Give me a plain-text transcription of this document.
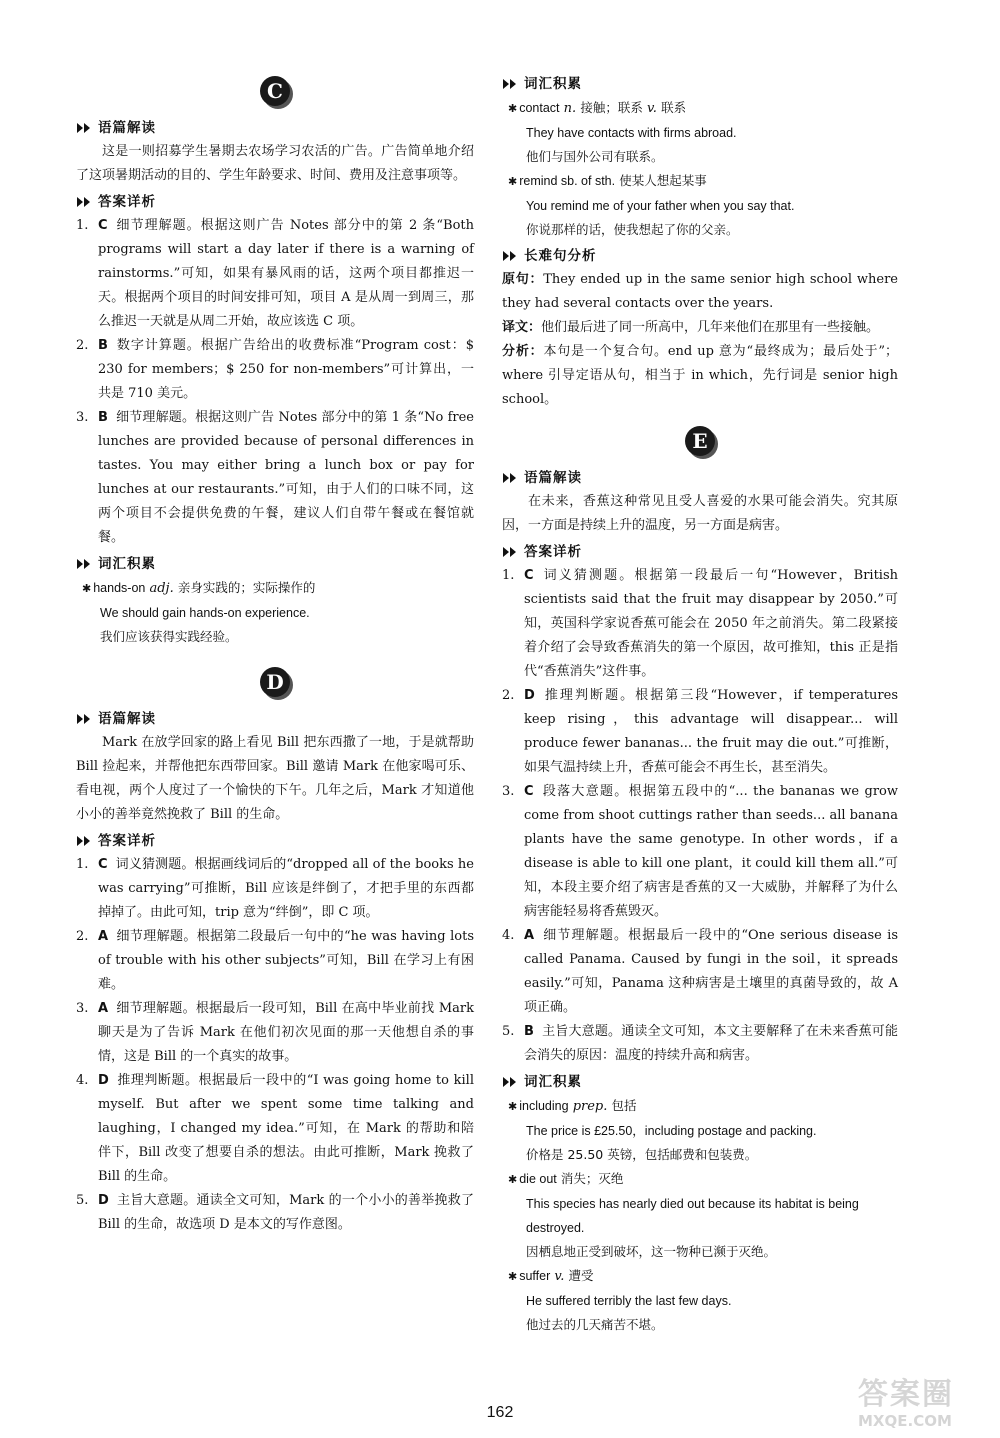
C
语篇解读
这是一则招募学生暑期去农场学习农活的广告。广告简单地介绍了这项暑期活动的目的、学生年龄要求、时间、费用及注意事项等。
答案详析
1. C 细节理解题。根据这则广告 Notes 部分中的第 2 条“Both programs will start a day later if there is a warning of rainstorms.”可知，如果有暴风雨的话，这两个项目都推迟一天。根据两个项目的时间安排可知，项目 A 是从周一到周三，那么推迟一天就是从周二开始，故应该选 C 项。
2. B 数字计算题。根据广告给出的收费标准“Program cost：$ 230 for members；$ 250 for non-members”可计算出，一共是 710 美元。
3. B 细节理解题。根据这则广告 Notes 部分中的第 1 条“No free lunches are provided because of personal differences in tastes. You may either bring a lunch box or pay for lunches at our restaurants.”可知，由于人们的口味不同，这两个项目不会提供免费的午餐，建议人们自带午餐或在餐馆就餐。
词汇积累
✱ hands-on adj. 亲身实践的；实际操作的
We should gain hands-on experience.
我们应该获得实践经验。
D
语篇解读
Mark 在放学回家的路上看见 Bill 把东西撒了一地，于是就帮助 Bill 捡起来，并帮他把东西带回家。Bill 邀请 Mark 在他家喝可乐、看电视，两个人度过了一个愉快的下午。几年之后，Mark 才知道他小小的善举竟然挽救了 Bill 的生命。
答案详析
1. C 词义猜测题。根据画线词后的“dropped all of the books he was carrying”可推断，Bill 应该是绊倒了，才把手里的东西都掉掉了。由此可知，trip 意为“绊倒”，即 C 项。
2. A 细节理解题。根据第二段最后一句中的“he was having lots of trouble with his other subjects”可知，Bill 在学习上有困难。
3. A 细节理解题。根据最后一段可知，Bill 在高中毕业前找 Mark 聊天是为了告诉 Mark 在他们初次见面的那一天他想自杀的事情，这是 Bill 的一个真实的故事。
4. D 推理判断题。根据最后一段中的“I was going home to kill myself. But after we spent some time talking and laughing，I changed my idea.”可知，在 Mark 的帮助和陪伴下，Bill 改变了想要自杀的想法。由此可推断，Mark 挽救了 Bill 的生命。
5. D 主旨大意题。通读全文可知，Mark 的一个小小的善举挽救了 Bill 的生命，故选项 D 是本文的写作意图。
词汇积累
✱ contact n. 接触；联系 v. 联系
They have contacts with firms abroad.
他们与国外公司有联系。
✱ remind sb. of sth. 使某人想起某事
You remind me of your father when you say that.
你说那样的话，使我想起了你的父亲。
长难句分析
原句：They ended up in the same senior high school where they had several contacts over the years.
译文：他们最后进了同一所高中，几年来他们在那里有一些接触。
分析：本句是一个复合句。end up 意为“最终成为；最后处于”；where 引导定语从句，相当于 in which，先行词是 senior high school。
E
语篇解读
在未来，香蕉这种常见且受人喜爱的水果可能会消失。究其原因，一方面是持续上升的温度，另一方面是病害。
答案详析
1. C 词义猜测题。根据第一段最后一句“However，British scientists said that the fruit may disappear by 2050.”可知，英国科学家说香蕉可能会在 2050 年之前消失。第二段紧接着介绍了会导致香蕉消失的第一个原因，故可推知，this 正是指代“香蕉消失”这件事。
2. D 推理判断题。根据第三段“However，if temperatures keep rising，this advantage will disappear... will produce fewer bananas... the fruit may die out.”可推断，如果气温持续上升，香蕉可能会不再生长，甚至消失。
3. C 段落大意题。根据第五段中的“... the bananas we grow come from shoot cuttings rather than seeds... all banana plants have the same genotype. In other words，if a disease is able to kill one plant，it could kill them all.”可知，本段主要介绍了病害是香蕉的又一大威胁，并解释了为什么病害能轻易将香蕉毁灭。
4. A 细节理解题。根据最后一段中的“One serious disease is called Panama. Caused by fungi in the soil，it spreads easily.”可知，Panama 这种病害是土壤里的真菌导致的，故 A 项正确。
5. B 主旨大意题。通读全文可知，本文主要解释了在未来香蕉可能会消失的原因：温度的持续升高和病害。
词汇积累
✱ including prep. 包括
The price is £25.50，including postage and packing.
价格是 25.50 英镑，包括邮费和包装费。
✱ die out 消失；灭绝
This species has nearly died out because its habitat is being destroyed.
因栖息地正受到破坏，这一物种已濒于灭绝。
✱ suffer v. 遭受
He suffered terribly the last few days.
他过去的几天痛苦不堪。
162
答案圈
MXQE.COM
